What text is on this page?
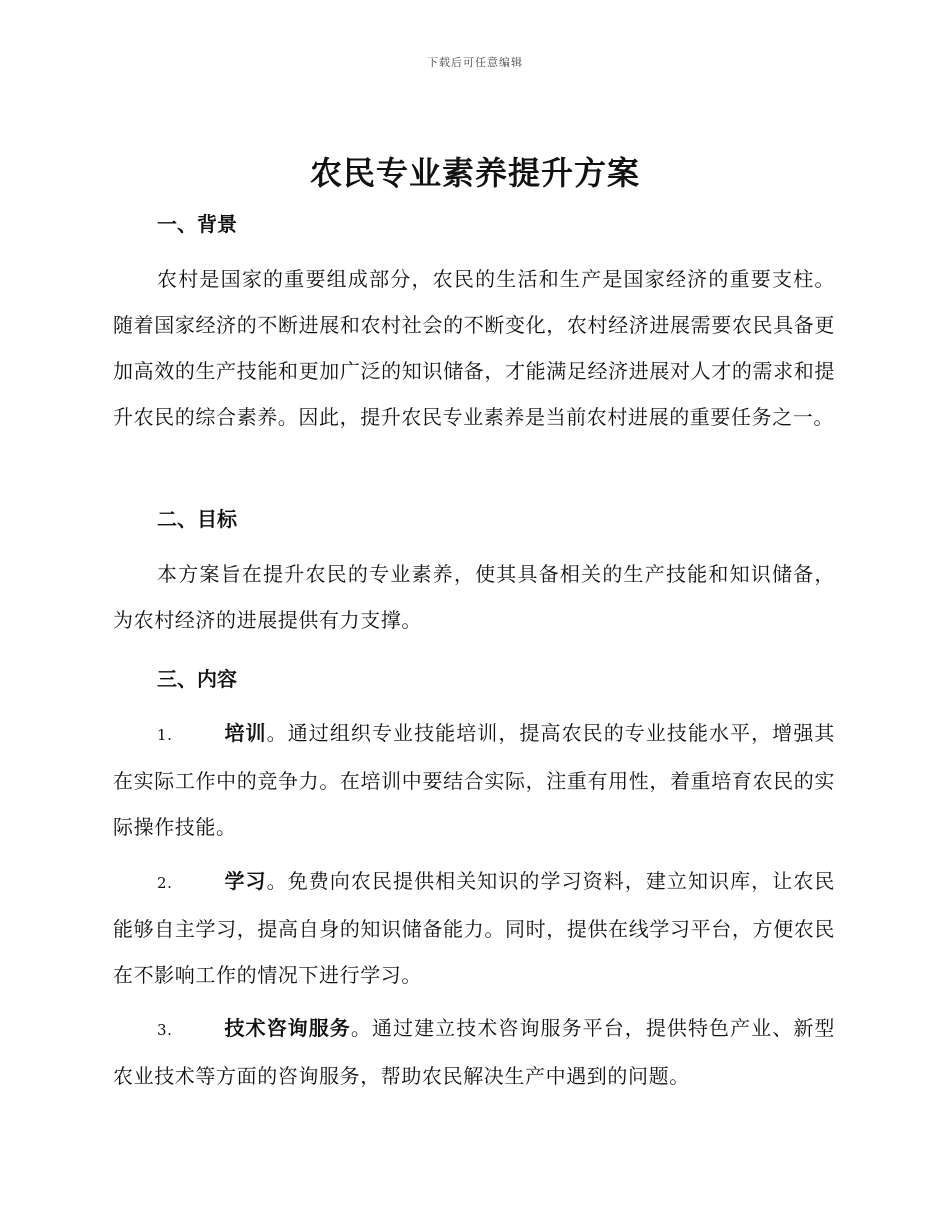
下载后可任意编辑
农民专业素养提升方案
一、背景

农村是国家的重要组成部分，农民的生活和生产是国家经济的重要支柱。随着国家经济的不断进展和农村社会的不断变化，农村经济进展需要农民具备更加高效的生产技能和更加广泛的知识储备，才能满足经济进展对人才的需求和提升农民的综合素养。因此，提升农民专业素养是当前农村进展的重要任务之一。

二、目标

本方案旨在提升农民的专业素养，使其具备相关的生产技能和知识储备，为农村经济的进展提供有力支撑。

三、内容

1.	培训。通过组织专业技能培训，提高农民的专业技能水平，增强其在实际工作中的竞争力。在培训中要结合实际，注重有用性，着重培育农民的实际操作技能。

2.	学习。免费向农民提供相关知识的学习资料，建立知识库，让农民能够自主学习，提高自身的知识储备能力。同时，提供在线学习平台，方便农民在不影响工作的情况下进行学习。

3.	技术咨询服务。通过建立技术咨询服务平台，提供特色产业、新型农业技术等方面的咨询服务，帮助农民解决生产中遇到的问题。
